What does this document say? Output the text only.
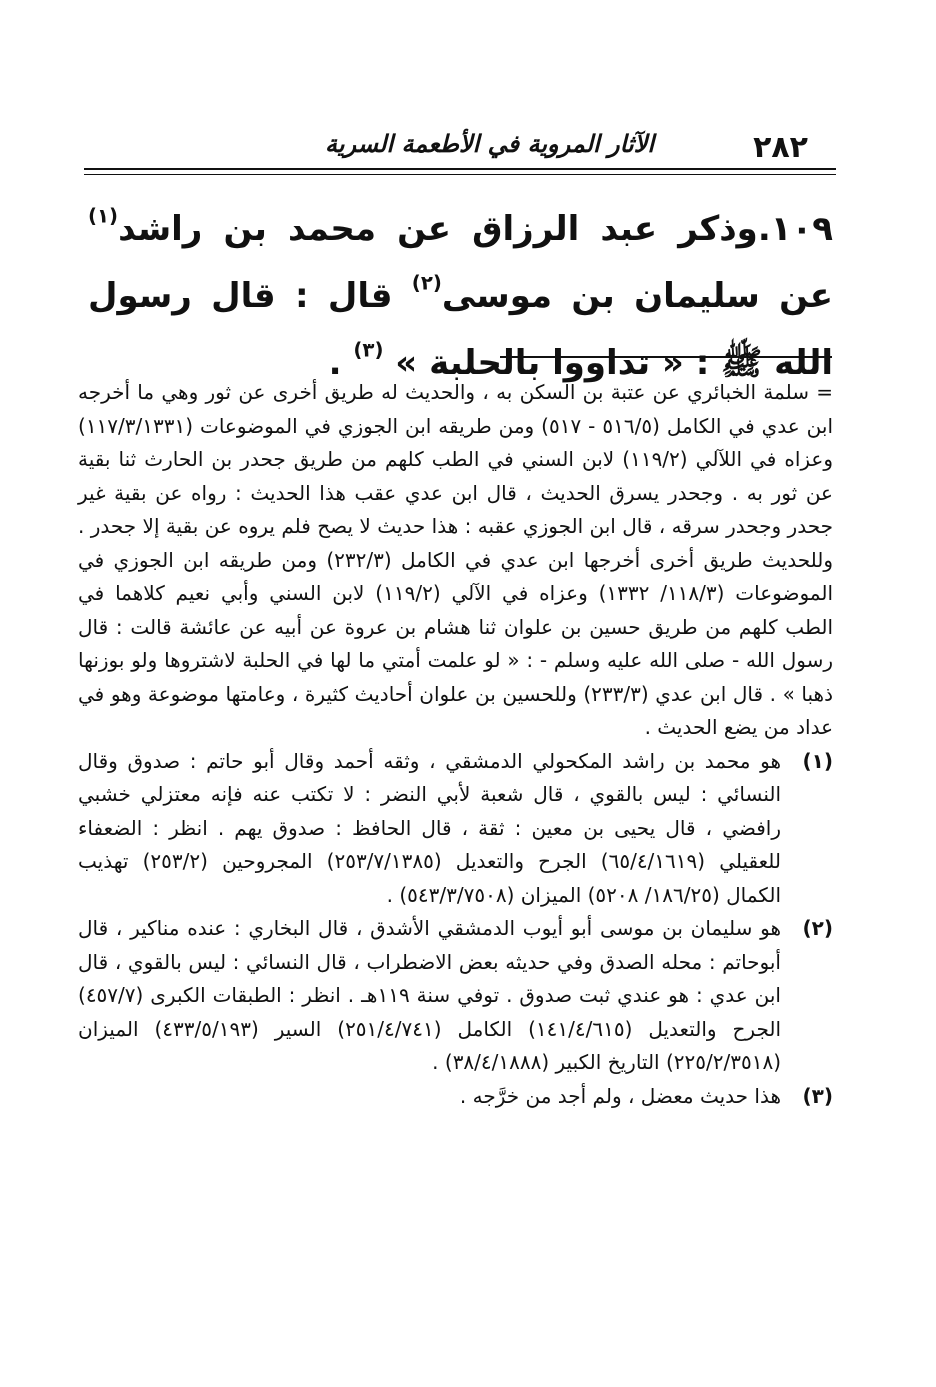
٢٨٢
الآثار المروية في الأطعمة السرية
١٠٩.وذكر عبد الرزاق عن محمد بن راشد$^{(١)}$ عن سليمان بن موسى$^{(٢)}$ قال : قال رسول الله ﷺ : « تداووا بالحلبة » $^{(٣)}$ .

= سلمة الخبائري عن عتبة بن السكن به ، والحديث له طريق أخرى عن ثور وهي ما أخرجه ابن عدي في الكامل (٥١٦/٥ - ٥١٧) ومن طريقه ابن الجوزي في الموضوعات (١١٧/٣/١٣٣١) وعزاه في اللآلي (١١٩/٢) لابن السني في الطب كلهم من طريق جحدر بن الحارث ثنا بقية عن ثور به . وجحدر يسرق الحديث ، قال ابن عدي عقب هذا الحديث : رواه عن بقية غير جحدر وجحدر سرقه ، قال ابن الجوزي عقبه : هذا حديث لا يصح فلم يروه عن بقية إلا جحدر . وللحديث طريق أخرى أخرجها ابن عدي في الكامل (٢٣٢/٣) ومن طريقه ابن الجوزي في الموضوعات (١١٨/٣/ ١٣٣٢) وعزاه في الآلي (١١٩/٢) لابن السني وأبي نعيم كلاهما في الطب كلهم من طريق حسين بن علوان ثنا هشام بن عروة عن أبيه عن عائشة قالت : قال رسول الله - صلى الله عليه وسلم - : « لو علمت أمتي ما لها في الحلبة لاشتروها ولو بوزنها ذهبا » . قال ابن عدي (٢٣٣/٣) وللحسين بن علوان أحاديث كثيرة ، وعامتها موضوعة وهو في عداد من يضع الحديث .

(١)

هو محمد بن راشد المكحولي الدمشقي ، وثقه أحمد وقال أبو حاتم : صدوق وقال النسائي : ليس بالقوي ، قال شعبة لأبي النضر : لا تكتب عنه فإنه معتزلي خشبي رافضي ، قال يحيى بن معين : ثقة ، قال الحافظ : صدوق يهم . انظر : الضعفاء للعقيلي (٦٥/٤/١٦١٩) الجرح والتعديل (٢٥٣/٧/١٣٨٥) المجروحين (٢٥٣/٢) تهذيب الكمال (١٨٦/٢٥/ ٥٢٠٨) الميزان (٥٤٣/٣/٧٥٠٨) .

(٢)

هو سليمان بن موسى أبو أيوب الدمشقي الأشدق ، قال البخاري : عنده مناكير ، قال أبوحاتم : محله الصدق وفي حديثه بعض الاضطراب ، قال النسائي : ليس بالقوي ، قال ابن عدي : هو عندي ثبت صدوق . توفي سنة ١١٩هـ . انظر : الطبقات الكبرى (٤٥٧/٧) الجرح والتعديل (١٤١/٤/٦١٥) الكامل (٢٥١/٤/٧٤١) السير (٤٣٣/٥/١٩٣) الميزان (٢٢٥/٢/٣٥١٨) التاريخ الكبير (٣٨/٤/١٨٨٨) .

(٣)

هذا حديث معضل ، ولم أجد من خرَّجه .
